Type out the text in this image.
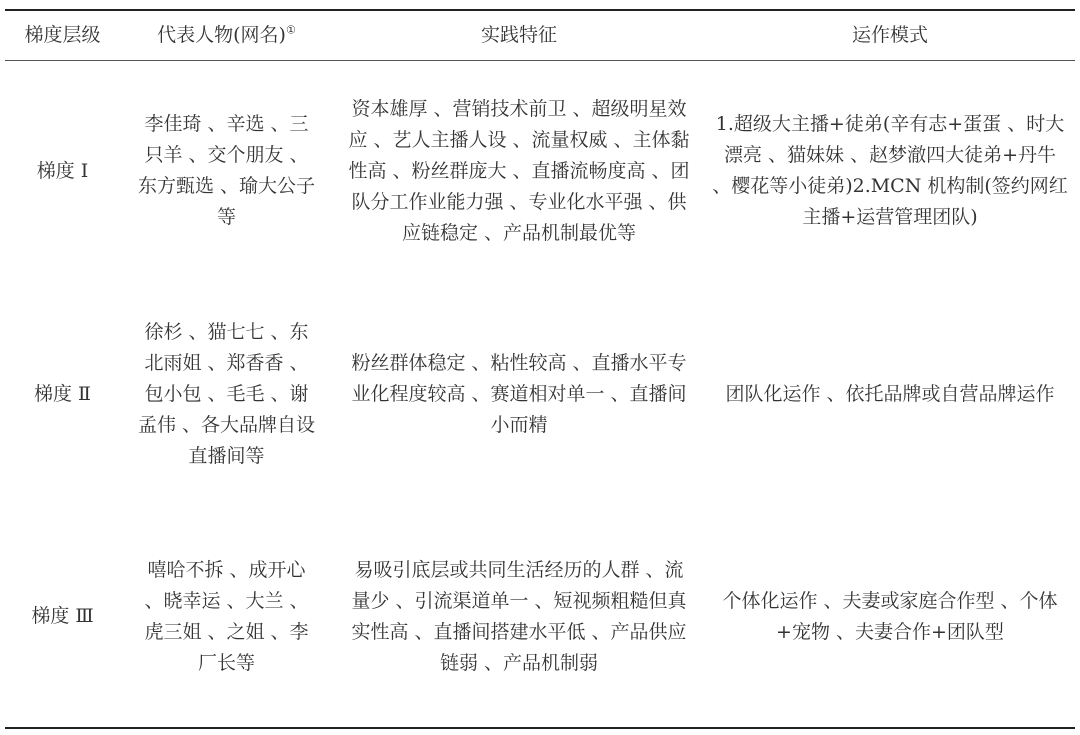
梯度层级	代表人物(网名)①	实践特征	运作模式
梯度 I	李佳琦 、辛选 、三只羊 、交个朋友 、东方甄选 、瑜大公子等	资本雄厚 、营销技术前卫 、超级明星效应 、艺人主播人设 、流量权威 、主体黏性高 、粉丝群庞大 、直播流畅度高 、团队分工作业能力强 、专业化水平强 、供应链稳定 、产品机制最优等	1.超级大主播+徒弟(辛有志+蛋蛋 、时大漂亮 、猫妹妹 、赵梦澈四大徒弟+丹牛 、樱花等小徒弟)2.MCN 机构制(签约网红主播+运营管理团队)

梯度 Ⅱ	徐杉 、猫七七 、东北雨姐 、郑香香 、包小包 、毛毛 、谢孟伟 、各大品牌自设直播间等	粉丝群体稳定 、粘性较高 、直播水平专业化程度较高 、赛道相对单一 、直播间小而精	团队化运作 、依托品牌或自营品牌运作

梯度 Ⅲ	嘻哈不拆 、成开心 、晓幸运 、大兰 、虎三姐 、之姐 、李厂长等	易吸引底层或共同生活经历的人群 、流量少 、引流渠道单一 、短视频粗糙但真实性高 、直播间搭建水平低 、产品供应链弱 、产品机制弱	个体化运作 、夫妻或家庭合作型 、个体+宠物 、夫妻合作+团队型
